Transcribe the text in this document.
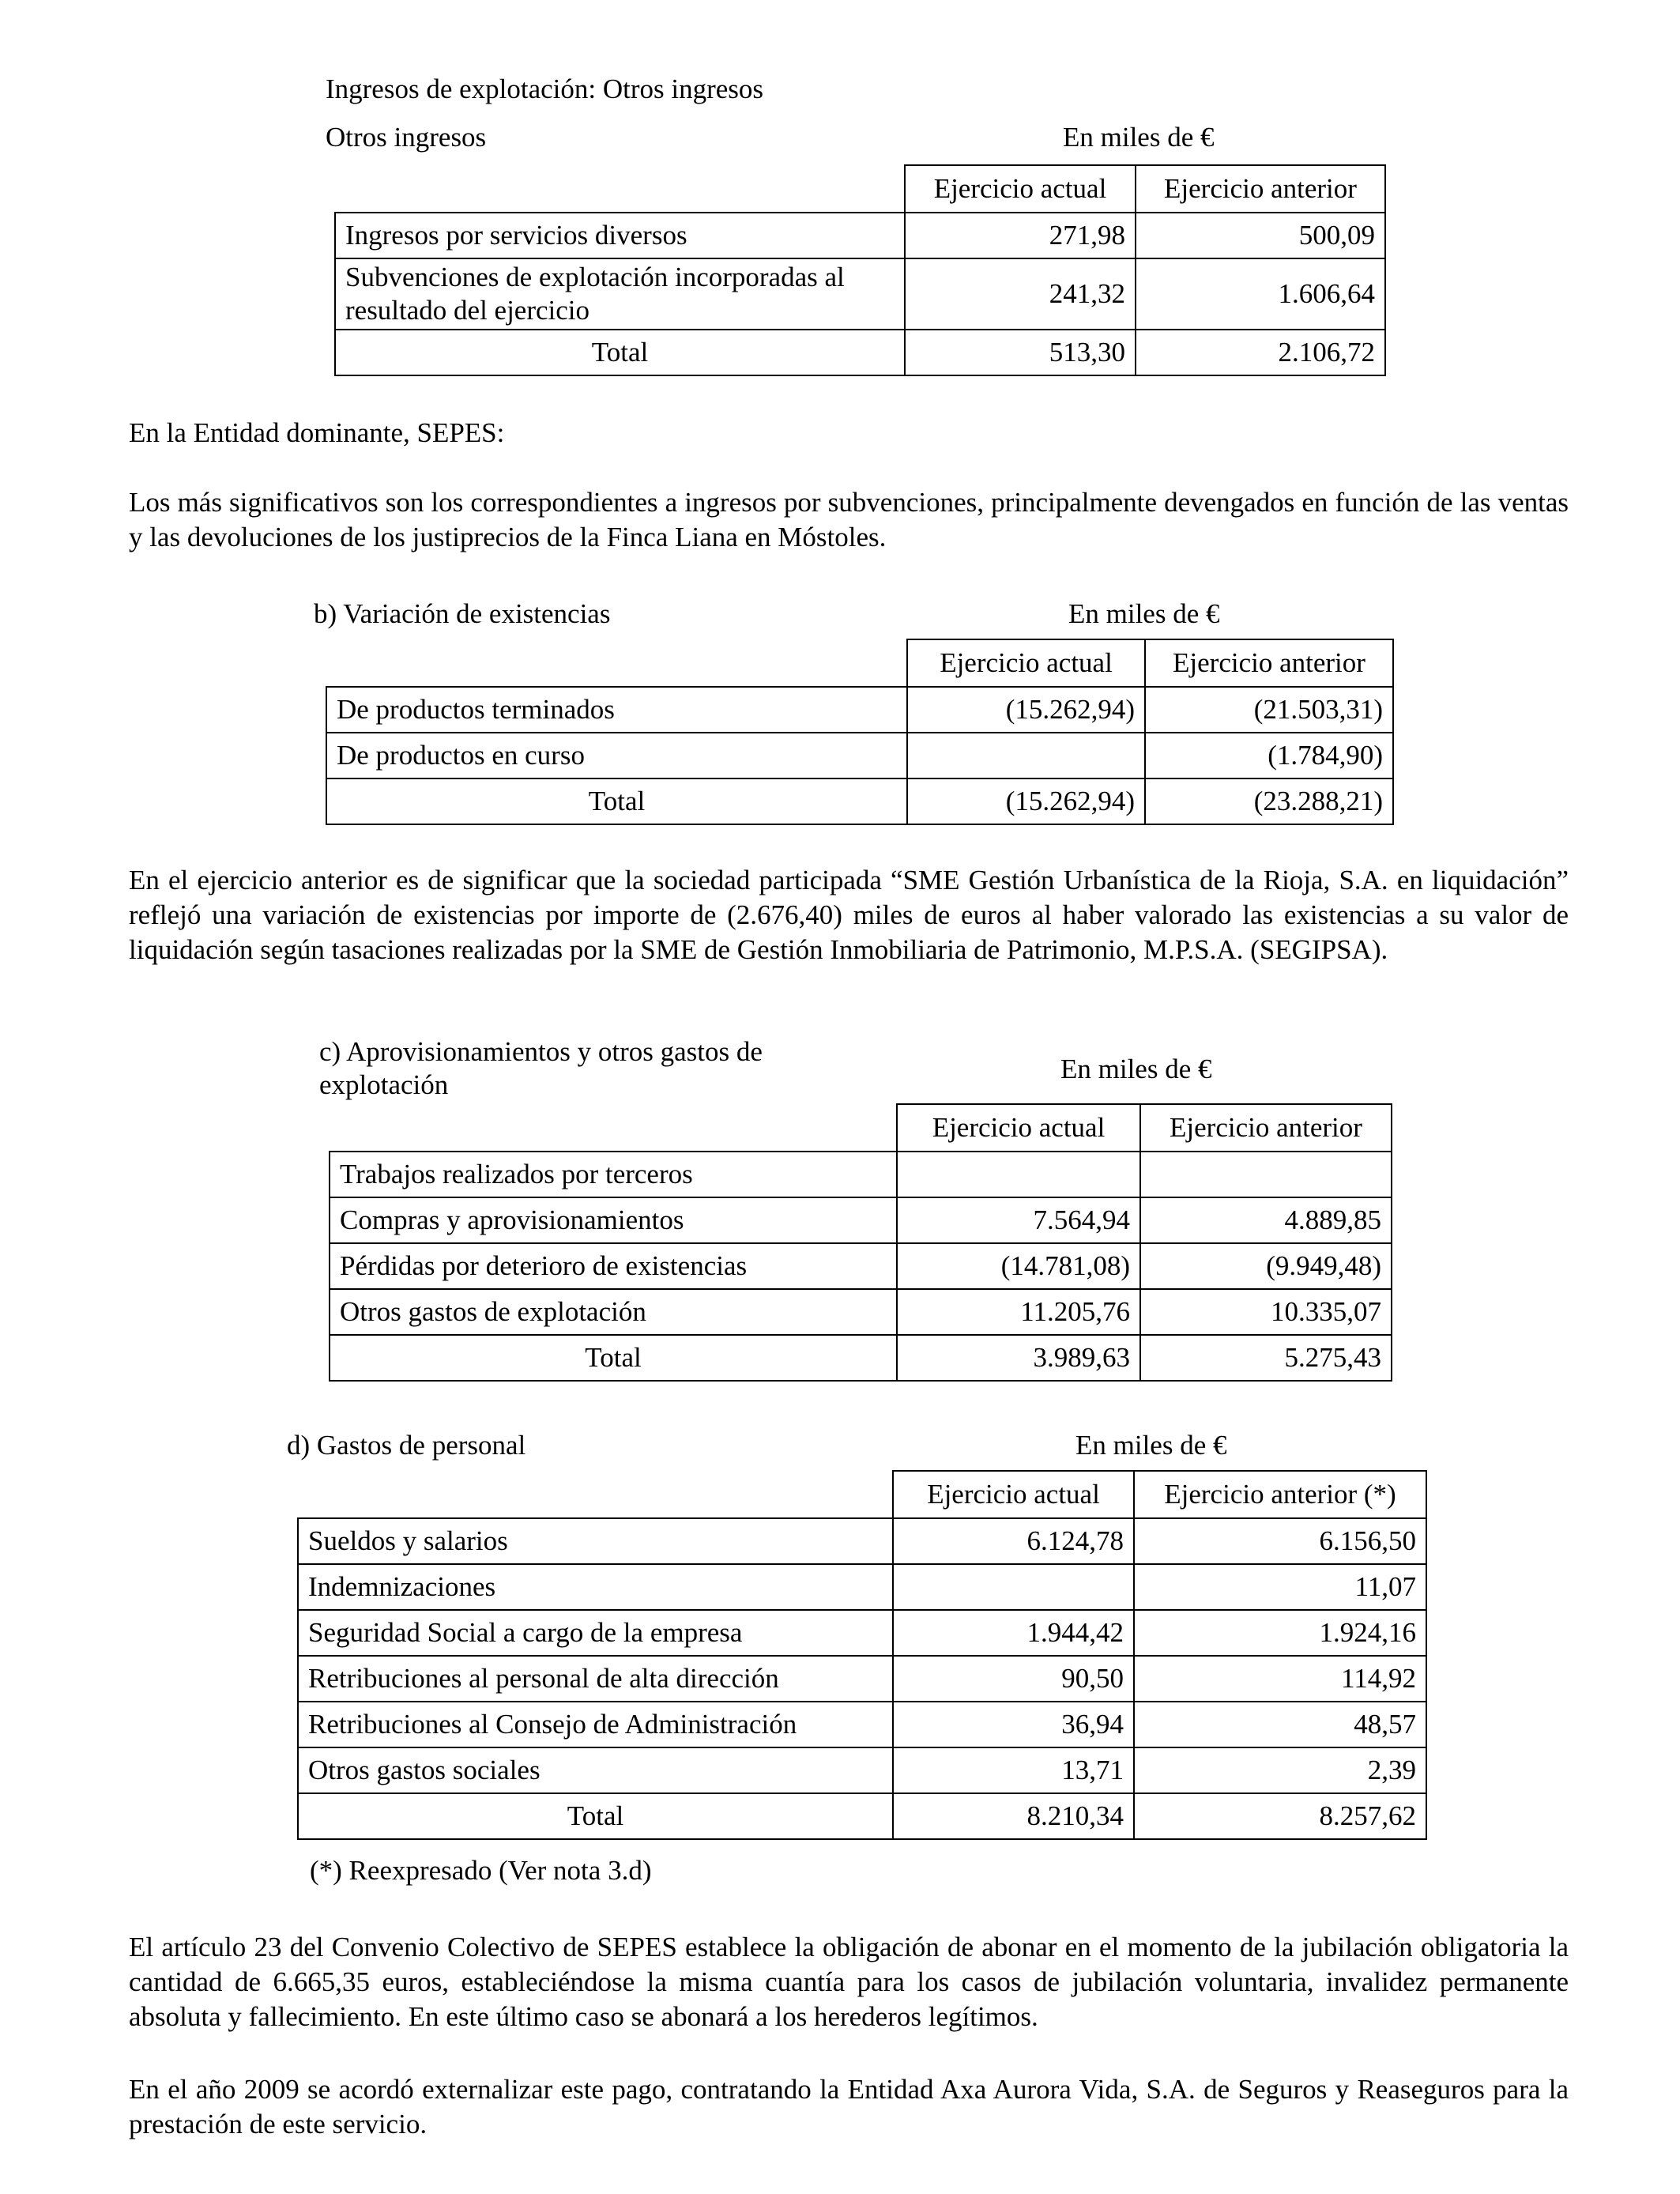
Ingresos de explotación: Otros ingresos
Otros ingresos	En miles de €
	Ejercicio actual	Ejercicio anterior
Ingresos por servicios diversos	271,98	500,09
Subvenciones de explotación incorporadas al resultado del ejercicio	241,32	1.606,64
Total	513,30	2.106,72
En la Entidad dominante, SEPES:
Los más significativos son los correspondientes a ingresos por subvenciones, principalmente devengados en función de las ventas y las devoluciones de los justiprecios de la Finca Liana en Móstoles.
b) Variación de existencias	En miles de €
	Ejercicio actual	Ejercicio anterior
De productos terminados	(15.262,94)	(21.503,31)
De productos en curso		(1.784,90)
Total	(15.262,94)	(23.288,21)
En el ejercicio anterior es de significar que la sociedad participada “SME Gestión Urbanística de la Rioja, S.A. en liquidación” reflejó una variación de existencias por importe de (2.676,40) miles de euros al haber valorado las existencias a su valor de liquidación según tasaciones realizadas por la SME de Gestión Inmobiliaria de Patrimonio, M.P.S.A. (SEGIPSA).
c) Aprovisionamientos y otros gastos de
explotación
En miles de €
	Ejercicio actual	Ejercicio anterior
Trabajos realizados por terceros		
Compras y aprovisionamientos	7.564,94	4.889,85
Pérdidas por deterioro de existencias	(14.781,08)	(9.949,48)
Otros gastos de explotación	11.205,76	10.335,07
Total	3.989,63	5.275,43
d) Gastos de personal	En miles de €
	Ejercicio actual	Ejercicio anterior (*)
Sueldos y salarios	6.124,78	6.156,50
Indemnizaciones		11,07
Seguridad Social a cargo de la empresa	1.944,42	1.924,16
Retribuciones al personal de alta dirección	90,50	114,92
Retribuciones al Consejo de Administración	36,94	48,57
Otros gastos sociales	13,71	2,39
Total	8.210,34	8.257,62
(*) Reexpresado (Ver nota 3.d)
El artículo 23 del Convenio Colectivo de SEPES establece la obligación de abonar en el momento de la jubilación obligatoria la cantidad de 6.665,35 euros, estableciéndose la misma cuantía para los casos de jubilación voluntaria, invalidez permanente absoluta y fallecimiento. En este último caso se abonará a los herederos legítimos.
En el año 2009 se acordó externalizar este pago, contratando la Entidad Axa Aurora Vida, S.A. de Seguros y Reaseguros para la prestación de este servicio.
